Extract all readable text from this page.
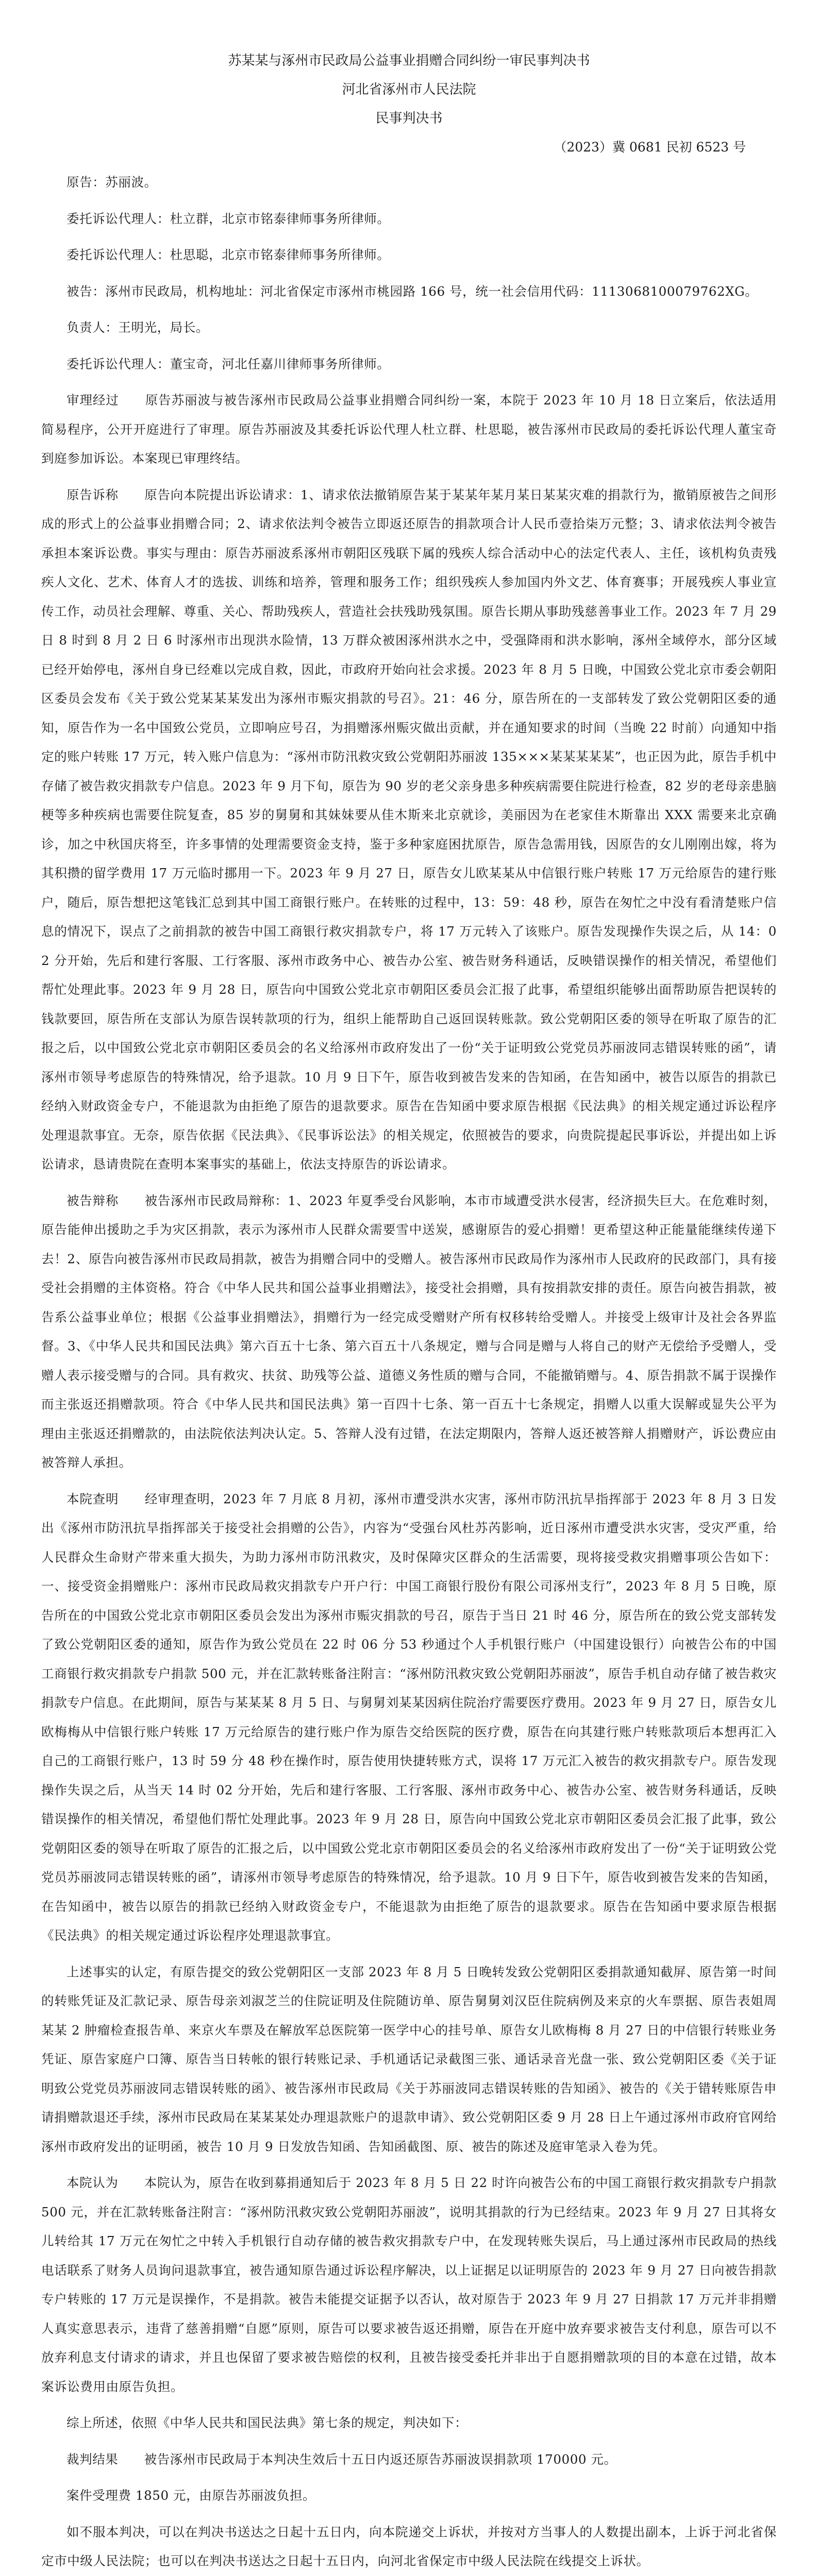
苏某某与涿州市民政局公益事业捐赠合同纠纷一审民事判决书
河北省涿州市人民法院
民事判决书
（2023）冀 0681 民初 6523 号

原告：苏丽波。

委托诉讼代理人：杜立群，北京市铭泰律师事务所律师。

委托诉讼代理人：杜思聪，北京市铭泰律师事务所律师。

被告：涿州市民政局，机构地址：河北省保定市涿州市桃园路 166 号，统一社会信用代码：1113068100079762XG。

负责人：王明光，局长。

委托诉讼代理人：董宝奇，河北任嘉川律师事务所律师。

审理经过　　原告苏丽波与被告涿州市民政局公益事业捐赠合同纠纷一案，本院于 2023 年 10 月 18 日立案后，依法适用简易程序，公开开庭进行了审理。原告苏丽波及其委托诉讼代理人杜立群、杜思聪，被告涿州市民政局的委托诉讼代理人董宝奇到庭参加诉讼。本案现已审理终结。

原告诉称　　原告向本院提出诉讼请求：1、请求依法撤销原告某于某某年某月某日某某灾难的捐款行为，撤销原被告之间形成的形式上的公益事业捐赠合同；2、请求依法判令被告立即返还原告的捐款项合计人民币壹拾柒万元整；3、请求依法判令被告承担本案诉讼费。事实与理由：原告苏丽波系涿州市朝阳区残联下属的残疾人综合活动中心的法定代表人、主任，该机构负责残疾人文化、艺术、体育人才的选拔、训练和培养，管理和服务工作；组织残疾人参加国内外文艺、体育赛事；开展残疾人事业宣传工作，动员社会理解、尊重、关心、帮助残疾人，营造社会扶残助残氛围。原告长期从事助残慈善事业工作。2023 年 7 月 29 日 8 时到 8 月 2 日 6 时涿州市出现洪水险情，13 万群众被困涿州洪水之中，受强降雨和洪水影响，涿州全域停水，部分区域已经开始停电，涿州自身已经难以完成自救，因此，市政府开始向社会求援。2023 年 8 月 5 日晚，中国致公党北京市委会朝阳区委员会发布《关于致公党某某某发出为涿州市赈灾捐款的号召》。21：46 分，原告所在的一支部转发了致公党朝阳区委的通知，原告作为一名中国致公党员，立即响应号召，为捐赠涿州赈灾做出贡献，并在通知要求的时间（当晚 22 时前）向通知中指定的账户转账 17 万元，转入账户信息为：“涿州市防汛救灾致公党朝阳苏丽波 135×××某某某某某”，也正因为此，原告手机中存储了被告救灾捐款专户信息。2023 年 9 月下旬，原告为 90 岁的老父亲身患多种疾病需要住院进行检查，82 岁的老母亲患脑梗等多种疾病也需要住院复查，85 岁的舅舅和其妹妹要从佳木斯来北京就诊，美丽因为在老家佳木斯靠出 XXX 需要来北京确诊，加之中秋国庆将至，许多事情的处理需要资金支持，鉴于多种家庭困扰原告，原告急需用钱，因原告的女儿刚刚出嫁，将为其积攒的留学费用 17 万元临时挪用一下。2023 年 9 月 27 日，原告女儿欧某某从中信银行账户转账 17 万元给原告的建行账户，随后，原告想把这笔钱汇总到其中国工商银行账户。在转账的过程中，13：59：48 秒，原告在匆忙之中没有看清楚账户信息的情况下，误点了之前捐款的被告中国工商银行救灾捐款专户，将 17 万元转入了该账户。原告发现操作失误之后，从 14：02 分开始，先后和建行客服、工行客服、涿州市政务中心、被告办公室、被告财务科通话，反映错误操作的相关情况，希望他们帮忙处理此事。2023 年 9 月 28 日，原告向中国致公党北京市朝阳区委员会汇报了此事，希望组织能够出面帮助原告把误转的钱款要回，原告所在支部认为原告误转款项的行为，组织上能帮助自己返回误转账款。致公党朝阳区委的领导在听取了原告的汇报之后，以中国致公党北京市朝阳区委员会的名义给涿州市政府发出了一份“关于证明致公党党员苏丽波同志错误转账的函”，请涿州市领导考虑原告的特殊情况，给予退款。10 月 9 日下午，原告收到被告发来的告知函，在告知函中，被告以原告的捐款已经纳入财政资金专户，不能退款为由拒绝了原告的退款要求。原告在告知函中要求原告根据《民法典》的相关规定通过诉讼程序处理退款事宜。无奈，原告依据《民法典》、《民事诉讼法》的相关规定，依照被告的要求，向贵院提起民事诉讼，并提出如上诉讼请求，恳请贵院在查明本案事实的基础上，依法支持原告的诉讼请求。

被告辩称　　被告涿州市民政局辩称：1、2023 年夏季受台风影响，本市市域遭受洪水侵害，经济损失巨大。在危难时刻，原告能伸出援助之手为灾区捐款，表示为涿州市人民群众需要雪中送炭，感谢原告的爱心捐赠！更希望这种正能量能继续传递下去！2、原告向被告涿州市民政局捐款，被告为捐赠合同中的受赠人。被告涿州市民政局作为涿州市人民政府的民政部门，具有接受社会捐赠的主体资格。符合《中华人民共和国公益事业捐赠法》，接受社会捐赠，具有按捐款安排的责任。原告向被告捐款，被告系公益事业单位；根据《公益事业捐赠法》，捐赠行为一经完成受赠财产所有权移转给受赠人。并接受上级审计及社会各界监督。3、《中华人民共和国民法典》第六百五十七条、第六百五十八条规定，赠与合同是赠与人将自己的财产无偿给予受赠人，受赠人表示接受赠与的合同。具有救灾、扶贫、助残等公益、道德义务性质的赠与合同，不能撤销赠与。4、原告捐款不属于误操作而主张返还捐赠款项。符合《中华人民共和国民法典》第一百四十七条、第一百五十七条规定，捐赠人以重大误解或显失公平为理由主张返还捐赠款的，由法院依法判决认定。5、答辩人没有过错，在法定期限内，答辩人返还被答辩人捐赠财产，诉讼费应由被答辩人承担。

本院查明　　经审理查明，2023 年 7 月底 8 月初，涿州市遭受洪水灾害，涿州市防汛抗旱指挥部于 2023 年 8 月 3 日发出《涿州市防汛抗旱指挥部关于接受社会捐赠的公告》，内容为“受强台风杜苏芮影响，近日涿州市遭受洪水灾害，受灾严重，给人民群众生命财产带来重大损失，为助力涿州市防汛救灾，及时保障灾区群众的生活需要，现将接受救灾捐赠事项公告如下：一、接受资金捐赠账户：涿州市民政局救灾捐款专户开户行：中国工商银行股份有限公司涿州支行”，2023 年 8 月 5 日晚，原告所在的中国致公党北京市朝阳区委员会发出为涿州市赈灾捐款的号召，原告于当日 21 时 46 分，原告所在的致公党支部转发了致公党朝阳区委的通知，原告作为致公党员在 22 时 06 分 53 秒通过个人手机银行账户（中国建设银行）向被告公布的中国工商银行救灾捐款专户捐款 500 元，并在汇款转账备注附言：“涿州防汛救灾致公党朝阳苏丽波”，原告手机自动存储了被告救灾捐款专户信息。在此期间，原告与某某某 8 月 5 日、与舅舅刘某某因病住院治疗需要医疗费用。2023 年 9 月 27 日，原告女儿欧梅梅从中信银行账户转账 17 万元给原告的建行账户作为原告交给医院的医疗费，原告在向其建行账户转账款项后本想再汇入自己的工商银行账户，13 时 59 分 48 秒在操作时，原告使用快捷转账方式，误将 17 万元汇入被告的救灾捐款专户。原告发现操作失误之后，从当天 14 时 02 分开始，先后和建行客服、工行客服、涿州市政务中心、被告办公室、被告财务科通话，反映错误操作的相关情况，希望他们帮忙处理此事。2023 年 9 月 28 日，原告向中国致公党北京市朝阳区委员会汇报了此事，致公党朝阳区委的领导在听取了原告的汇报之后，以中国致公党北京市朝阳区委员会的名义给涿州市政府发出了一份“关于证明致公党党员苏丽波同志错误转账的函”，请涿州市领导考虑原告的特殊情况，给予退款。10 月 9 日下午，原告收到被告发来的告知函，在告知函中，被告以原告的捐款已经纳入财政资金专户，不能退款为由拒绝了原告的退款要求。原告在告知函中要求原告根据《民法典》的相关规定通过诉讼程序处理退款事宜。

上述事实的认定，有原告提交的致公党朝阳区一支部 2023 年 8 月 5 日晚转发致公党朝阳区委捐款通知截屏、原告第一时间的转账凭证及汇款记录、原告母亲刘淑芝兰的住院证明及住院随访单、原告舅舅刘汉臣住院病例及来京的火车票据、原告表姐周某某 2 肿瘤检查报告单、来京火车票及在解放军总医院第一医学中心的挂号单、原告女儿欧梅梅 8 月 27 日的中信银行转账业务凭证、原告家庭户口簿、原告当日转帐的银行转账记录、手机通话记录截图三张、通话录音光盘一张、致公党朝阳区委《关于证明致公党党员苏丽波同志错误转账的函》、被告涿州市民政局《关于苏丽波同志错误转账的告知函》、被告的《关于错转账原告申请捐赠款退还手续，涿州市民政局在某某某处办理退款账户的退款申请》、致公党朝阳区委 9 月 28 日上午通过涿州市政府官网给涿州市政府发出的证明函，被告 10 月 9 日发放告知函、告知函截图、原、被告的陈述及庭审笔录入卷为凭。

本院认为　　本院认为，原告在收到募捐通知后于 2023 年 8 月 5 日 22 时许向被告公布的中国工商银行救灾捐款专户捐款 500 元，并在汇款转账备注附言：“涿州防汛救灾致公党朝阳苏丽波”，说明其捐款的行为已经结束。2023 年 9 月 27 日其将女儿转给其 17 万元在匆忙之中转入手机银行自动存储的被告救灾捐款专户中，在发现转账失误后，马上通过涿州市民政局的热线电话联系了财务人员询问退款事宜，被告通知原告通过诉讼程序解决，以上证据足以证明原告的 2023 年 9 月 27 日向被告捐款专户转账的 17 万元是误操作，不是捐款。被告未能提交证据予以否认，故对原告于 2023 年 9 月 27 日捐款 17 万元并非捐赠人真实意思表示，违背了慈善捐赠“自愿”原则，原告可以要求被告返还捐赠，原告在开庭中放弃要求被告支付利息，原告可以不放弃利息支付请求的请求，并且也保留了要求被告赔偿的权利，且被告接受委托并非出于自愿捐赠款项的目的本意在过错，故本案诉讼费用由原告负担。

综上所述，依照《中华人民共和国民法典》第七条的规定，判决如下：

裁判结果　　被告涿州市民政局于本判决生效后十五日内返还原告苏丽波误捐款项 170000 元。

案件受理费 1850 元，由原告苏丽波负担。

如不服本判决，可以在判决书送达之日起十五日内，向本院递交上诉状，并按对方当事人的人数提出副本，上诉于河北省保定市中级人民法院；也可以在判决书送达之日起十五日内，向河北省保定市中级人民法院在线提交上诉状。
